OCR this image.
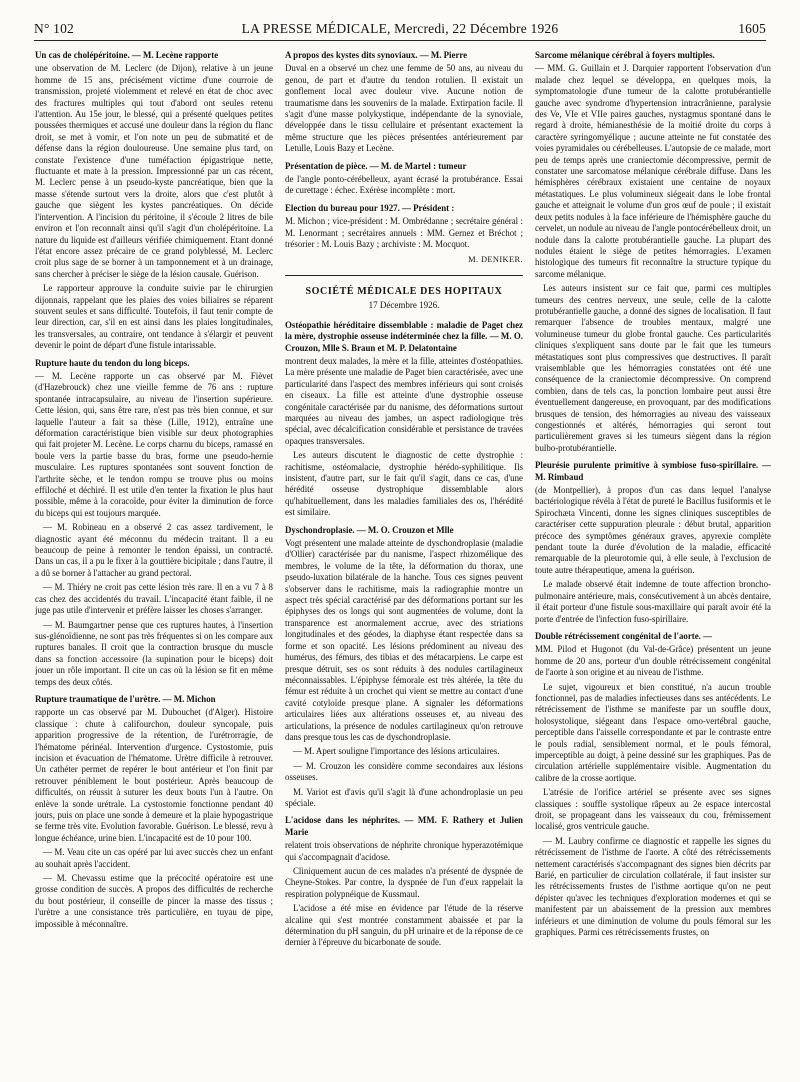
N° 102	LA PRESSE MÉDICALE, Mercredi, 22 Décembre 1926	1605
Un cas de cholépéritoine. — M. Lecène rapporte

une observation de M. Leclerc (de Dijon), relative à un jeune homme de 15 ans, précisément victime d'une courroie de transmission, projeté violemment et relevé en état de choc avec des fractures multiples qui tout d'abord ont seules retenu l'attention. Au 15e jour, le blessé, qui a présenté quelques petites poussées thermiques et accusé une douleur dans la région du flanc droit, se met à vomir, et l'on note un peu de submatité et de défense dans la région douloureuse. Une semaine plus tard, on constate l'existence d'une tuméfaction épigastrique nette, fluctuante et mate à la pression. Impressionné par un cas récent, M. Leclerc pense à un pseudo-kyste pancréatique, bien que la masse s'étende surtout vers la droite, alors que c'est plutôt à gauche que siègent les kystes pancréatiques. On décide l'intervention. A l'incision du péritoine, il s'écoule 2 litres de bile environ et l'on reconnaît ainsi qu'il s'agit d'un cholépéritoine. La nature du liquide est d'ailleurs vérifiée chimiquement. Etant donné l'état encore assez précaire de ce grand polyblessé, M. Leclerc croit plus sage de se borner à un tamponnement et à un drainage, sans chercher à préciser le siège de la lésion causale. Guérison.

Le rapporteur approuve la conduite suivie par le chirurgien dijonnais, rappelant que les plaies des voies biliaires se réparent souvent seules et sans difficulté. Toutefois, il faut tenir compte de leur direction, car, s'il en est ainsi dans les plaies longitudinales, les transversales, au contraire, ont tendance à s'élargir et peuvent devenir le point de départ d'une fistule intarissable.

Rupture haute du tendon du long biceps.

— M. Lecène rapporte un cas observé par M. Fièvet (d'Hazebrouck) chez une vieille femme de 76 ans : rupture spontanée intracapsulaire, au niveau de l'insertion supérieure. Cette lésion, qui, sans être rare, n'est pas très bien connue, et sur laquelle l'auteur a fait sa thèse (Lille, 1912), entraîne une déformation caractéristique bien visible sur deux photographies qui fait projeter M. Lecène. Le corps charnu du biceps, ramassé en boule vers la partie basse du bras, forme une pseudo-hernie musculaire. Les ruptures spontanées sont souvent fonction de l'arthrite sèche, et le tendon rompu se trouve plus ou moins effiloché et déchiré. Il est utile d'en tenter la fixation le plus haut possible, même à la coracoïde, pour éviter la diminution de force du biceps qui est toujours marquée.

— M. Robineau en a observé 2 cas assez tardivement, le diagnostic ayant été méconnu du médecin traitant. Il a eu beaucoup de peine à remonter le tendon épaissi, un contracté. Dans un cas, il a pu le fixer à la gouttière bicipitale ; dans l'autre, il a dû se borner à l'attacher au grand pectoral.

— M. Thiéry ne croit pas cette lésion très rare. Il en a vu 7 à 8 cas chez des accidentés du travail. L'incapacité étant faible, il ne juge pas utile d'intervenir et préfère laisser les choses s'arranger.

— M. Baumgartner pense que ces ruptures hautes, à l'insertion sus-glénoïdienne, ne sont pas très fréquentes si on les compare aux ruptures banales. Il croit que la contraction brusque du muscle dans sa fonction accessoire (la supination pour le biceps) doit jouer un rôle important. Il cite un cas où la lésion se fit en même temps des deux côtés.

Rupture traumatique de l'urètre. — M. Michon

rapporte un cas observé par M. Dubouchet (d'Alger). Histoire classique : chute à califourchon, douleur syncopale, puis apparition progressive de la rétention, de l'urétrorragie, de l'hématome périnéal. Intervention d'urgence. Cystostomie, puis incision et évacuation de l'hématome. Urètre difficile à retrouver. Un cathéter permet de repérer le bout antérieur et l'on finit par retrouver péniblement le bout postérieur. Après beaucoup de difficultés, on réussit à suturer les deux bouts l'un à l'autre. On enlève la sonde urétrale. La cystostomie fonctionne pendant 40 jours, puis on place une sonde à demeure et la plaie hypogastrique se ferme très vite. Evolution favorable. Guérison. Le blessé, revu à longue échéance, urine bien. L'incapacité est de 10 pour 100.

— M. Veau cite un cas opéré par lui avec succès chez un enfant au souhait après l'accident.

— M. Chevassu estime que la précocité opératoire est une grosse condition de succès. A propos des difficultés de recherche du bout postérieur, il conseille de pincer la masse des tissus ; l'urètre a une consistance très particulière, en tuyau de pipe, impossible à méconnaître.

A propos des kystes dits synoviaux. — M. Pierre

Duval en a observé un chez une femme de 50 ans, au niveau du genou, de part et d'autre du tendon rotulien. Il existait un gonflement local avec douleur vive. Aucune notion de traumatisme dans les souvenirs de la malade. Extirpation facile. Il s'agit d'une masse polykystique, indépendante de la synoviale, développée dans le tissu cellulaire et présentant exactement la même structure que les pièces présentées antérieurement par Letulle, Louis Bazy et Lecène.

Présentation de pièce. — M. de Martel : tumeur

de l'angle ponto-cérébelleux, ayant écrasé la protubérance. Essai de curettage : échec. Exérèse incomplète : mort.

Election du bureau pour 1927. — Président :

M. Michon ; vice-président : M. Ombrédanne ; secrétaire général : M. Lenormant ; secrétaires annuels : MM. Gernez et Bréchot ; trésorier : M. Louis Bazy ; archiviste : M. Mocquot.

M. DENIKER.
SOCIÉTÉ MÉDICALE DES HOPITAUX
17 Décembre 1926.
Ostéopathie héréditaire dissemblable : maladie de Paget chez la mère, dystrophie osseuse indéterminée chez la fille. — M. O. Crouzon, Mlle S. Braun et M. P. Delatontaine

montrent deux malades, la mère et la fille, atteintes d'ostéopathies. La mère présente une maladie de Paget bien caractérisée, avec une particularité dans l'aspect des membres inférieurs qui sont croisés en ciseaux. La fille est atteinte d'une dystrophie osseuse congénitale caractérisée par du nanisme, des déformations surtout marquées au niveau des jambes, un aspect radiologique très spécial, avec décalcification considérable et persistance de travées opaques transversales.

Les auteurs discutent le diagnostic de cette dystrophie : rachitisme, ostéomalacie, dystrophie hérédo-syphilitique. Ils insistent, d'autre part, sur le fait qu'il s'agit, dans ce cas, d'une hérédité osseuse dystrophique dissemblable alors qu'habituellement, dans les maladies familiales des os, l'hérédité est similaire.

Dyschondroplasie. — M. O. Crouzon et Mlle

Vogt présentent une malade atteinte de dyschondroplasie (maladie d'Ollier) caractérisée par du nanisme, l'aspect rhizomélique des membres, le volume de la tête, la déformation du thorax, une pseudo-luxation bilatérale de la hanche. Tous ces signes peuvent s'observer dans le rachitisme, mais la radiographie montre un aspect très spécial caractérisé par des déformations portant sur les épiphyses des os longs qui sont augmentées de volume, dont la transparence est anormalement accrue, avec des striations longitudinales et des géodes, la diaphyse étant respectée dans sa forme et son opacité. Les lésions prédominent au niveau des humérus, des fémurs, des tibias et des métacarpiens. Le carpe est presque détruit, ses os sont réduits à des nodules cartilagineux méconnaissables. L'épiphyse fémorale est très altérée, la tête du fémur est réduite à un crochet qui vient se mettre au contact d'une cavité cotyloïde presque plane. A signaler les déformations articulaires liées aux altérations osseuses et, au niveau des articulations, la présence de nodules cartilagineux qu'on retrouve dans presque tous les cas de dyschondroplasie.

— M. Apert souligne l'importance des lésions articulaires.

— M. Crouzon les considère comme secondaires aux lésions osseuses.

M. Variot est d'avis qu'il s'agit là d'une achondroplasie un peu spéciale.

L'acidose dans les néphrites. — MM. F. Rathery et Julien Marie

relatent trois observations de néphrite chronique hyperazotémique qui s'accompagnait d'acidose.

Cliniquement aucun de ces malades n'a présenté de dyspnée de Cheyne-Stokes. Par contre, la dyspnée de l'un d'eux rappelait la respiration polypnéique de Kussmaul.

L'acidose a été mise en évidence par l'étude de la réserve alcaline qui s'est montrée constamment abaissée et par la détermination du pH sanguin, du pH urinaire et de la réponse de ce dernier à l'épreuve du bicarbonate de soude.

Sarcome mélanique cérébral à foyers multiples.

— MM. G. Guillain et J. Darquier rapportent l'observation d'un malade chez lequel se développa, en quelques mois, la symptomatologie d'une tumeur de la calotte protubérantielle gauche avec syndrome d'hypertension intracrânienne, paralysie des Ve, VIe et VIIe paires gauches, nystagmus spontané dans le regard à droite, hémianesthésie de la moitié droite du corps à caractère syringomyélique ; aucune atteinte ne fut constatée des voies pyramidales ou cérébelleuses. L'autopsie de ce malade, mort peu de temps après une craniectomie décompressive, permit de constater une sarcomatose mélanique cérébrale diffuse. Dans les hémisphères cérébraux existaient une centaine de noyaux métastatiques. Le plus volumineux siégeait dans le lobe frontal gauche et atteignait le volume d'un gros œuf de poule ; il existait deux petits nodules à la face inférieure de l'hémisphère gauche du cervelet, un nodule au niveau de l'angle pontocérébelleux droit, un nodule dans la calotte protubérantielle gauche. La plupart des nodules étaient le siège de petites hémorragies. L'examen histologique des tumeurs fit reconnaître la structure typique du sarcome mélanique.

Les auteurs insistent sur ce fait que, parmi ces multiples tumeurs des centres nerveux, une seule, celle de la calotte protubérantielle gauche, a donné des signes de localisation. Il faut remarquer l'absence de troubles mentaux, malgré une volumineuse tumeur du globe frontal gauche. Ces particularités cliniques s'expliquent sans doute par le fait que les tumeurs métastatiques sont plus compressives que destructives. Il paraît vraisemblable que les hémorragies constatées ont été une conséquence de la craniectomie décompressive. On comprend combien, dans de tels cas, la ponction lombaire peut aussi être éventuellement dangereuse, en provoquant, par des modifications brusques de tension, des hémorragies au niveau des vaisseaux congestionnés et altérés, hémorragies qui seront tout particulièrement graves si les tumeurs siègent dans la région bulbo-protubérantielle.

Pleurésie purulente primitive à symbiose fuso-spirillaire. — M. Rimbaud

(de Montpellier), à propos d'un cas dans lequel l'analyse bactériologique révéla à l'état de pureté le Bacillus fusiformis et le Spirochæta Vincenti, donne les signes cliniques susceptibles de caractériser cette suppuration pleurale : début brutal, apparition précoce des symptômes généraux graves, apyrexie complète pendant toute la durée d'évolution de la maladie, efficacité remarquable de la pleurotomie qui, à elle seule, à l'exclusion de toute autre thérapeutique, amena la guérison.

Le malade observé était indemne de toute affection broncho-pulmonaire antérieure, mais, consécutivement à un abcès dentaire, il était porteur d'une fistule sous-maxillaire qui paraît avoir été la porte d'entrée de l'infection fuso-spirillaire.

Double rétrécissement congénital de l'aorte. —

MM. Pilod et Hugonot (du Val-de-Grâce) présentent un jeune homme de 20 ans, porteur d'un double rétrécissement congénital de l'aorte à son origine et au niveau de l'isthme.

Le sujet, vigoureux et bien constitué, n'a aucun trouble fonctionnel, pas de maladies infectieuses dans ses antécédents. Le rétrécissement de l'isthme se manifeste par un souffle doux, holosystolique, siégeant dans l'espace omo-vertébral gauche, perceptible dans l'aisselle correspondante et par le contraste entre le pouls radial, sensiblement normal, et le pouls fémoral, imperceptible au doigt, à peine dessiné sur les graphiques. Pas de circulation artérielle supplémentaire visible. Augmentation du calibre de la crosse aortique.

L'atrésie de l'orifice artériel se présente avec ses signes classiques : souffle systolique râpeux au 2e espace intercostal droit, se propageant dans les vaisseaux du cou, frémissement localisé, gros ventricule gauche.

— M. Laubry confirme ce diagnostic et rappelle les signes du rétrécissement de l'isthme de l'aorte. A côté des rétrécissements nettement caractérisés s'accompagnant des signes bien décrits par Barié, en particulier de circulation collatérale, il faut insister sur les rétrécissements frustes de l'isthme aortique qu'on ne peut dépister qu'avec les techniques d'exploration modernes et qui se manifestent par un abaissement de la pression aux membres inférieurs et une diminution de volume du pouls fémoral sur les graphiques. Parmi ces rétrécissements frustes, on
